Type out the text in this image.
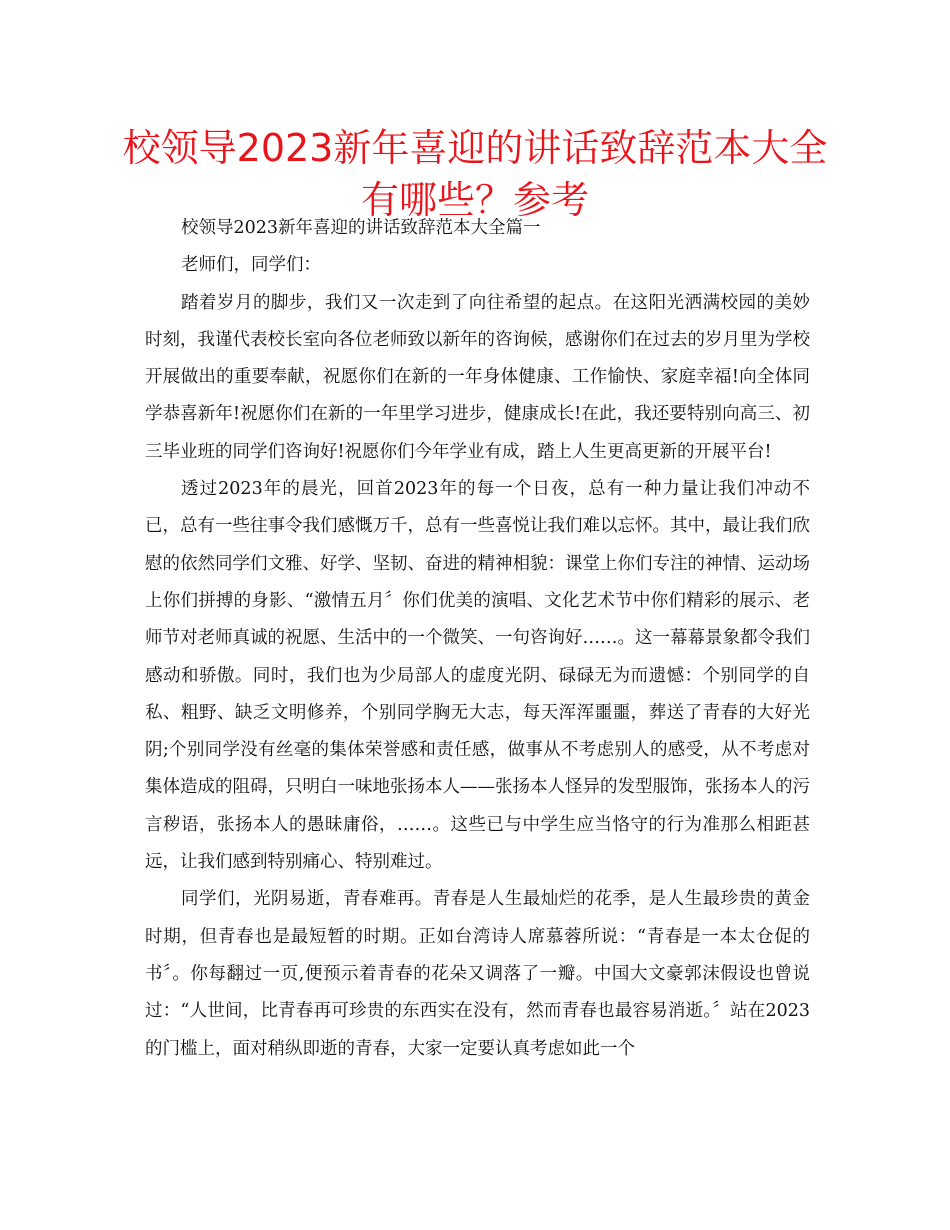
校领导2023新年喜迎的讲话致辞范本大全有哪些？参考

校领导2023新年喜迎的讲话致辞范本大全篇一

老师们，同学们：

踏着岁月的脚步，我们又一次走到了向往希望的起点。在这阳光洒满校园的美妙时刻，我谨代表校长室向各位老师致以新年的咨询候，感谢你们在过去的岁月里为学校开展做出的重要奉献，祝愿你们在新的一年身体健康、工作愉快、家庭幸福!向全体同学恭喜新年!祝愿你们在新的一年里学习进步，健康成长!在此，我还要特别向高三、初三毕业班的同学们咨询好!祝愿你们今年学业有成，踏上人生更高更新的开展平台!

透过2023年的晨光，回首2023年的每一个日夜，总有一种力量让我们冲动不已，总有一些往事令我们感慨万千，总有一些喜悦让我们难以忘怀。其中，最让我们欣慰的依然同学们文雅、好学、坚韧、奋进的精神相貌：课堂上你们专注的神情、运动场上你们拼搏的身影、“激情五月〞你们优美的演唱、文化艺术节中你们精彩的展示、老师节对老师真诚的祝愿、生活中的一个微笑、一句咨询好……。这一幕幕景象都令我们感动和骄傲。同时，我们也为少局部人的虚度光阴、碌碌无为而遗憾：个别同学的自私、粗野、缺乏文明修养，个别同学胸无大志，每天浑浑噩噩，葬送了青春的大好光阴;个别同学没有丝毫的集体荣誉感和责任感，做事从不考虑别人的感受，从不考虑对集体造成的阻碍，只明白一味地张扬本人——张扬本人怪异的发型服饰，张扬本人的污言秽语，张扬本人的愚昧庸俗，……。这些已与中学生应当恪守的行为准那么相距甚远，让我们感到特别痛心、特别难过。

同学们，光阴易逝，青春难再。青春是人生最灿烂的花季，是人生最珍贵的黄金时期，但青春也是最短暂的时期。正如台湾诗人席慕蓉所说：“青春是一本太仓促的书〞。你每翻过一页,便预示着青春的花朵又调落了一瓣。中国大文豪郭沫假设也曾说过：“人世间，比青春再可珍贵的东西实在没有，然而青春也最容易消逝。〞站在2023的门槛上，面对稍纵即逝的青春，大家一定要认真考虑如此一个
